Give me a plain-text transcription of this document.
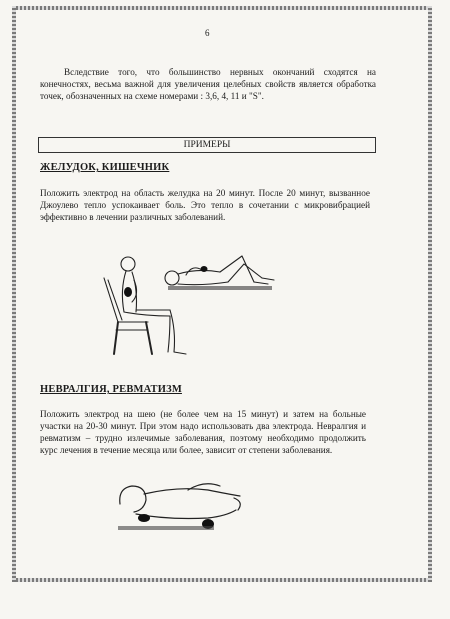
6
Вследствие того, что большинство нервных окончаний сходятся на конечностях, весьма важной для увеличения целебных свойств является обработка точек, обозначенных на схеме номерами : 3,6, 4, 11 и "S".
ПРИМЕРЫ
ЖЕЛУДОК, КИШЕЧНИК
Положить электрод на область желудка на 20 минут. После 20 минут, вызванное Джоулево тепло успокаивает боль. Это тепло в сочетании с микровибрацией эффективно в лечении различных заболеваний.
НЕВРАЛГИЯ, РЕВМАТИЗМ
Положить электрод на шею (не более чем на 15 минут) и затем на больные участки на 20-30 минут. При этом надо использовать два электрода. Невралгия и ревматизм – трудно излечимые заболевания, поэтому необходимо продолжить курс лечения в течение месяца или более, зависит от степени заболевания.
